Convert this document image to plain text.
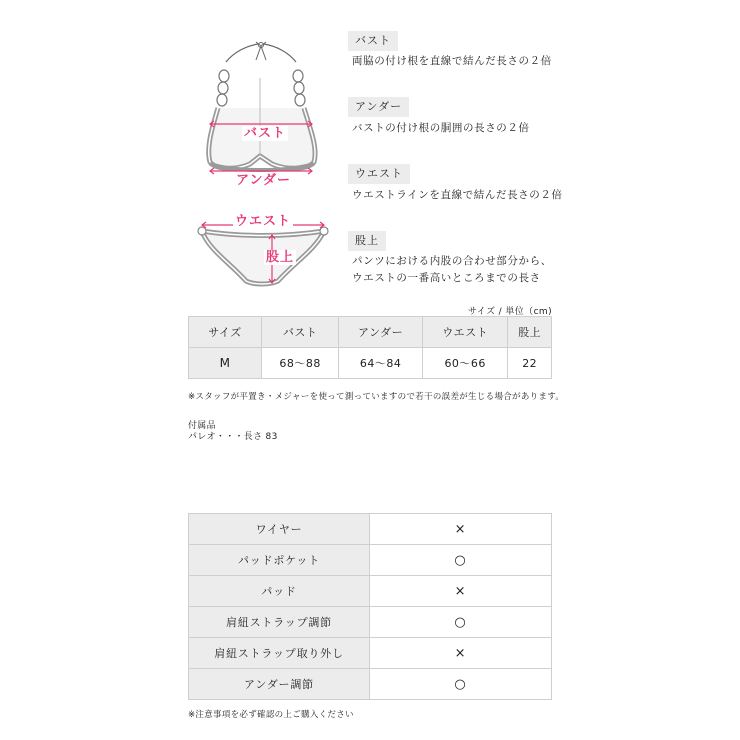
バスト
アンダー
ウエスト
股上
バスト
両脇の付け根を直線で結んだ長さの２倍
アンダー
バストの付け根の胴囲の長さの２倍
ウエスト
ウエストラインを直線で結んだ長さの２倍
股上
パンツにおける内股の合わせ部分から、
ウエストの一番高いところまでの長さ
サイズ / 単位（cm)
サイズ	バスト	アンダー	ウエスト	股上
M	68〜88	64〜84	60〜66	22
※スタッフが平置き・メジャーを使って測っていますので若干の誤差が生じる場合があります。
付属品
パレオ・・・長さ 83
ワイヤー	×
パッドポケット	○
パッド	×
肩紐ストラップ調節	○
肩紐ストラップ取り外し	×
アンダー調節	○
※注意事項を必ず確認の上ご購入ください
